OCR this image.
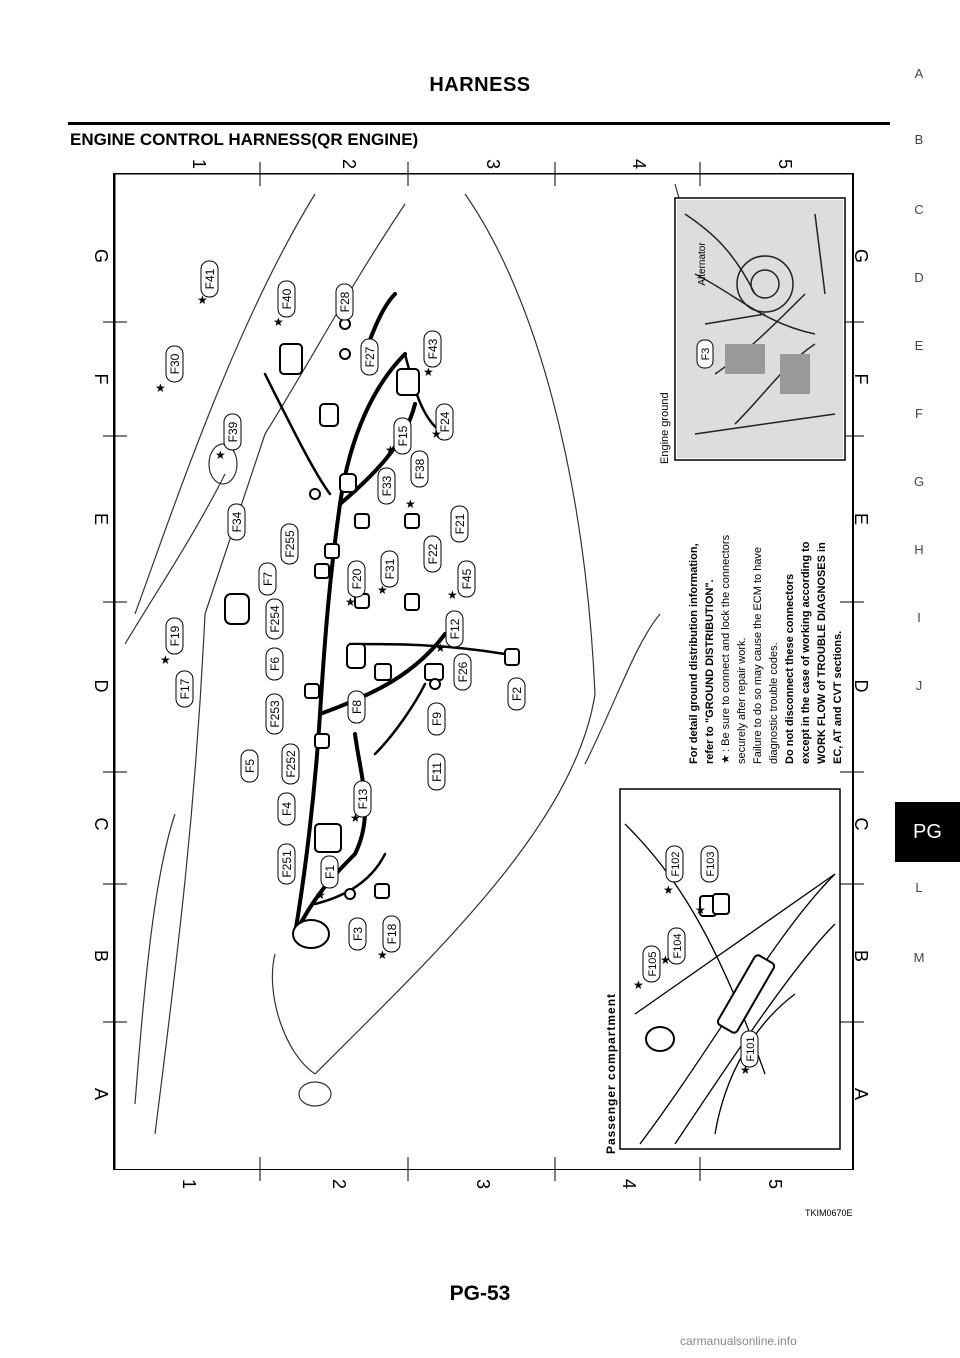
HARNESS
ENGINE CONTROL HARNESS(QR ENGINE)
1	2	3	4	5
1	2	3	4	5
G
F
E
D
C
B
A
G
F
E
D
C
B
A
F41
F40	F28
F30	F27	F43
F39	F15
F24
F34
F33
F38
F21
F255	F22
F31
F7	F20	F45
F254
F19	F12
F6
F17
F26
F253	F8
F9
F2
F5 F252	F11
F4	F13
F251 F1
F3 F18
★
★
★
★
★
★
★
★
★
★	★
★
★
★
★
★
F3
Alternator
Engine ground
For detail ground distribution information, refer to "GROUND DISTRIBUTION". ★
: Be sure to connect and lock the connectors securely after repair work. Failure to do so may cause the ECM to have diagnostic trouble codes. Do not disconnect these connectors except in the case of working according to WORK FLOW of TROUBLE DIAGNOSES in EC, AT and CVT sections.
F102 F103
F105
F104
F101
★
★
★
★
★
Passenger compartment
A
B
C
D
E
F
G
H
I
J
PG
L
M
TKIM0670E
PG-53
carmanualsonline.info
